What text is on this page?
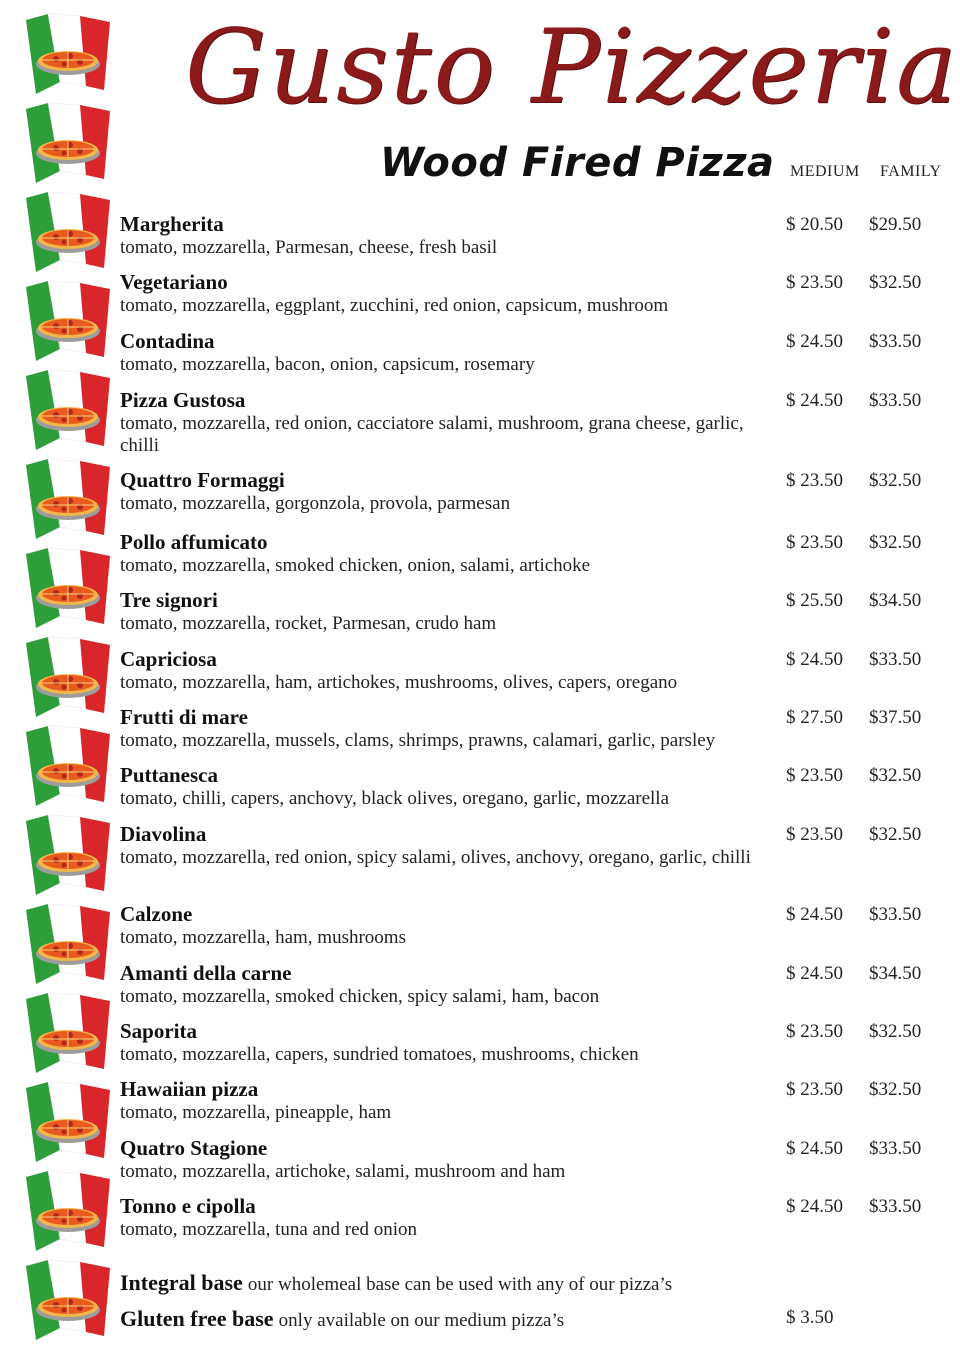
Gusto Pizzeria
Wood Fired Pizza MEDIUM FAMILY
Margherita
tomato, mozzarella, Parmesan, cheese, fresh basil
$ 20.50 $29.50
Vegetariano
tomato, mozzarella, eggplant, zucchini, red onion, capsicum, mushroom
$ 23.50 $32.50
Contadina
tomato, mozzarella, bacon, onion, capsicum, rosemary
$ 24.50 $33.50
Pizza Gustosa
tomato, mozzarella, red onion, cacciatore salami, mushroom, grana cheese, garlic, chilli
$ 24.50 $33.50
Quattro Formaggi
tomato, mozzarella, gorgonzola, provola, parmesan
$ 23.50 $32.50
Pollo affumicato
tomato, mozzarella, smoked chicken, onion, salami, artichoke
$ 23.50 $32.50
Tre signori
tomato, mozzarella, rocket, Parmesan, crudo ham
$ 25.50 $34.50
Capriciosa
tomato, mozzarella, ham, artichokes, mushrooms, olives, capers, oregano
$ 24.50 $33.50
Frutti di mare
tomato, mozzarella, mussels, clams, shrimps, prawns, calamari, garlic, parsley
$ 27.50 $37.50
Puttanesca
tomato, chilli, capers, anchovy, black olives, oregano, garlic, mozzarella
$ 23.50 $32.50
Diavolina
tomato, mozzarella, red onion, spicy salami, olives, anchovy, oregano, garlic, chilli
$ 23.50 $32.50
Calzone
tomato, mozzarella, ham, mushrooms
$ 24.50 $33.50
Amanti della carne
tomato, mozzarella, smoked chicken, spicy salami, ham, bacon
$ 24.50 $34.50
Saporita
tomato, mozzarella, capers, sundried tomatoes, mushrooms, chicken
$ 23.50 $32.50
Hawaiian pizza
tomato, mozzarella, pineapple, ham
$ 23.50 $32.50
Quatro Stagione
tomato, mozzarella, artichoke, salami, mushroom and ham
$ 24.50 $33.50
Tonno e cipolla
tomato, mozzarella, tuna and red onion
$ 24.50 $33.50
Integral base our wholemeal base can be used with any of our pizza’s
Gluten free base only available on our medium pizza’s	$ 3.50
